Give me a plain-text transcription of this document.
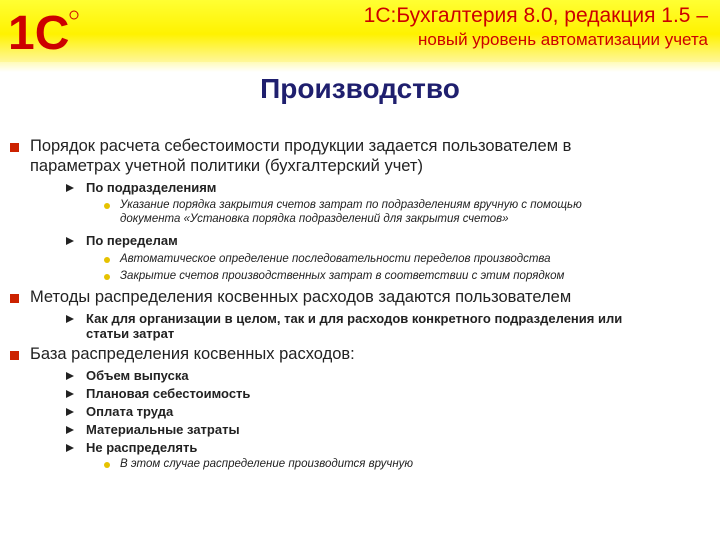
1С	1С:Бухгалтерия 8.0, редакция 1.5 –
новый уровень автоматизации учета
Производство
Порядок расчета себестоимости продукции задается пользователем в
параметрах учетной политики (бухгалтерский учет)
По подразделениям
Указание порядка закрытия счетов затрат по подразделениям вручную с помощью
документа «Установка порядка подразделений для закрытия счетов»
По переделам
Автоматическое определение последовательности переделов производства
Закрытие счетов производственных затрат в соответствии с этим порядком
Методы распределения косвенных расходов задаются пользователем
Как для организации в целом, так и для расходов конкретного подразделения или
статьи затрат
База распределения косвенных расходов:
Объем выпуска
Плановая себестоимость
Оплата труда
Материальные затраты
Не распределять
В этом случае распределение производится вручную
